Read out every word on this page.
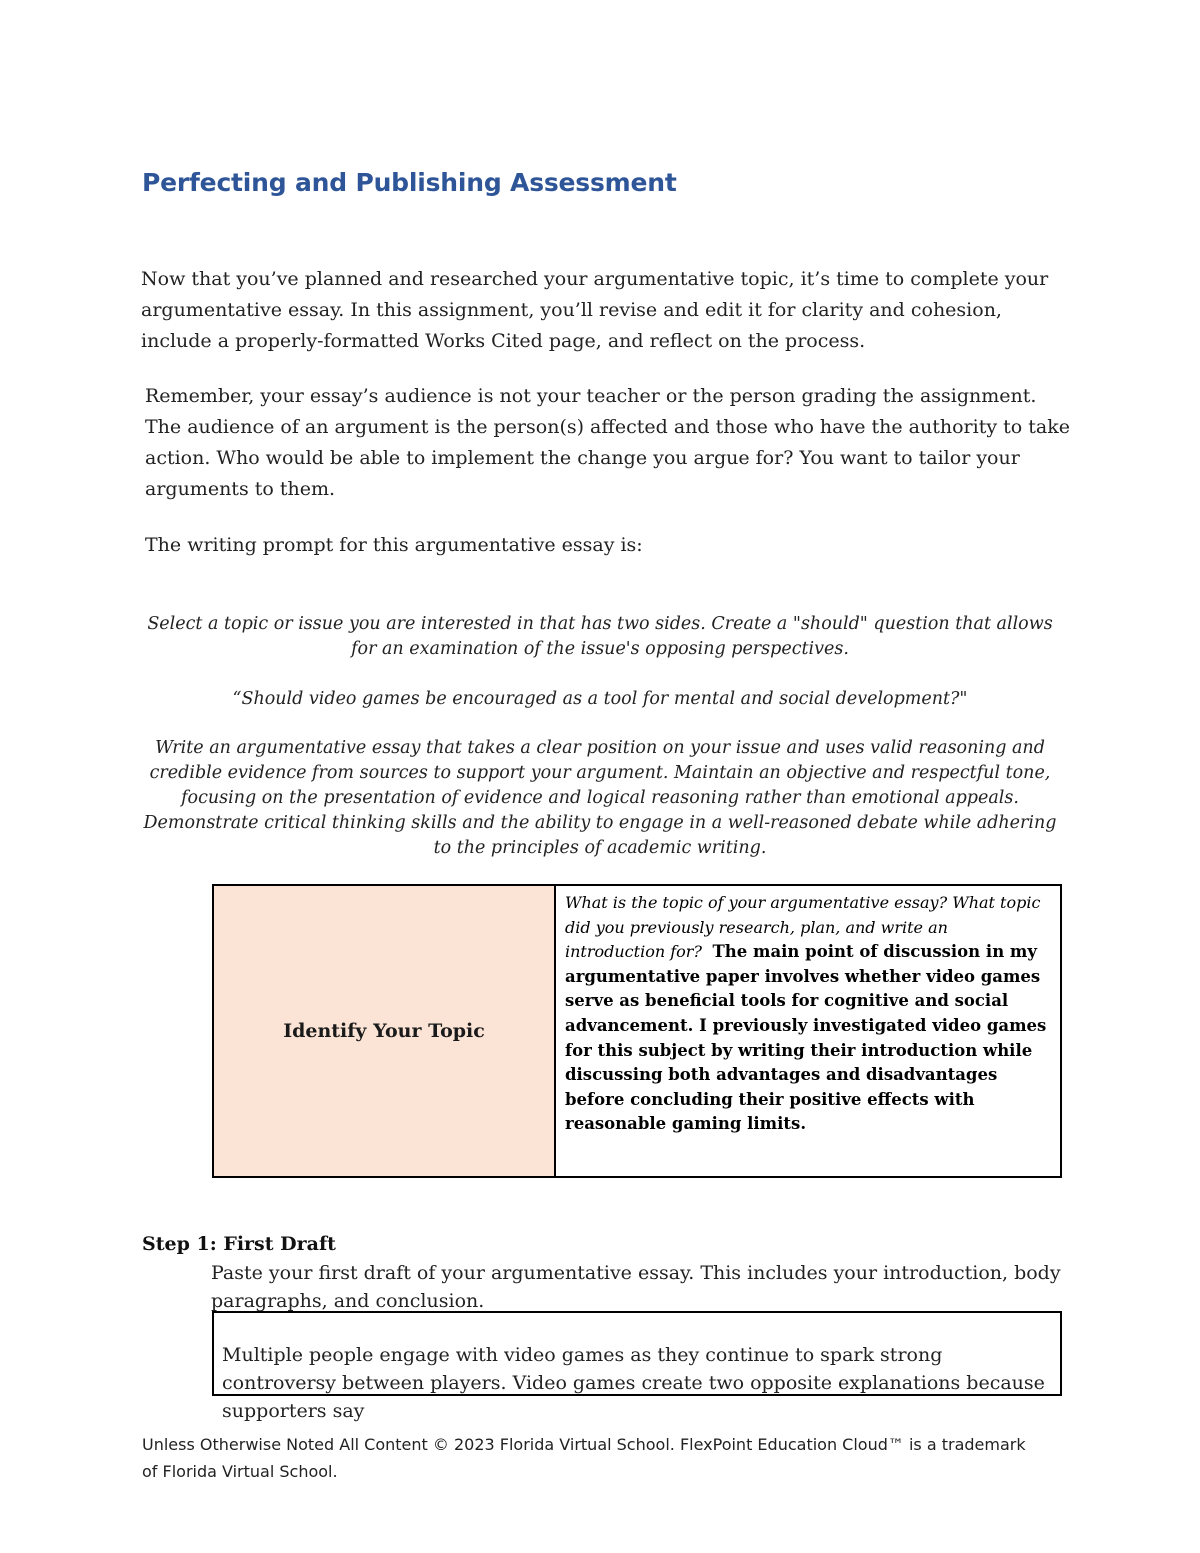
Perfecting and Publishing Assessment

Now that you’ve planned and researched your argumentative topic, it’s time to complete your argumentative essay. In this assignment, you’ll revise and edit it for clarity and cohesion, include a properly-formatted Works Cited page, and reflect on the process.

Remember, your essay’s audience is not your teacher or the person grading the assignment. The audience of an argument is the person(s) affected and those who have the authority to take action. Who would be able to implement the change you argue for? You want to tailor your arguments to them.

The writing prompt for this argumentative essay is:

Select a topic or issue you are interested in that has two sides. Create a "should" question that allows for an examination of the issue's opposing perspectives.

“Should video games be encouraged as a tool for mental and social development?"

Write an argumentative essay that takes a clear position on your issue and uses valid reasoning and credible evidence from sources to support your argument. Maintain an objective and respectful tone, focusing on the presentation of evidence and logical reasoning rather than emotional appeals. Demonstrate critical thinking skills and the ability to engage in a well-reasoned debate while adhering to the principles of academic writing.

Identify Your Topic
What is the topic of your argumentative essay? What topic did you previously research, plan, and write an introduction for? The main point of discussion in my argumentative paper involves whether video games serve as beneficial tools for cognitive and social advancement. I previously investigated video games for this subject by writing their introduction while discussing both advantages and disadvantages before concluding their positive effects with reasonable gaming limits.
Step 1: First Draft

Paste your first draft of your argumentative essay. This includes your introduction, body paragraphs, and conclusion.

Multiple people engage with video games as they continue to spark strong controversy between players. Video games create two opposite explanations because supporters say

Unless Otherwise Noted All Content © 2023 Florida Virtual School. FlexPoint Education Cloud™ is a trademark of Florida Virtual School.
